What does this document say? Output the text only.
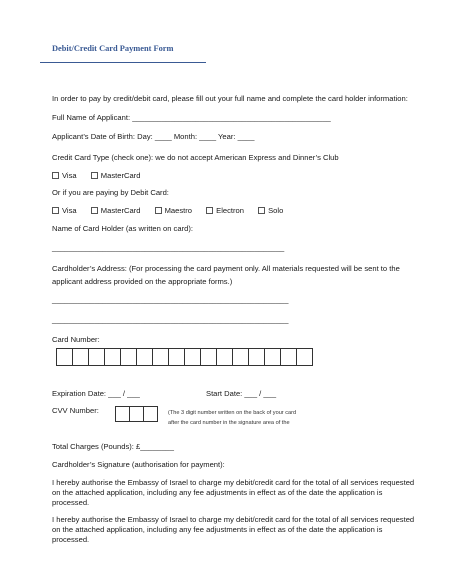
Debit/Credit Card Payment Form
In order to pay by credit/debit card, please fill out your full name and complete the card holder information:
Full Name of Applicant: _______________________________________________
Applicant’s Date of Birth: Day: ____ Month: ____ Year: ____
Credit Card Type (check one): we do not accept American Express and Dinner’s Club
Visa	MasterCard
Or if you are paying by Debit Card:
Visa	MasterCard	Maestro	Electron	Solo
Name of Card Holder (as written on card):
_______________________________________________________
Cardholder’s Address: (For processing the card payment only. All materials requested will be sent to the
applicant address provided on the appropriate forms.)
________________________________________________________
________________________________________________________
Card Number:
Expiration Date: ___ / ___	Start Date: ___ / ___
CVV Number:	(The 3 digit number written on the back of your card
after the card number in the signature area of the
Total Charges (Pounds): £________
Cardholder’s Signature (authorisation for payment):
I hereby authorise the Embassy of Israel to charge my debit/credit card for the total of all services requested
on the attached application, including any fee adjustments in effect as of the date the application is
processed.
I hereby authorise the Embassy of Israel to charge my debit/credit card for the total of all services requested
on the attached application, including any fee adjustments in effect as of the date the application is
processed.
